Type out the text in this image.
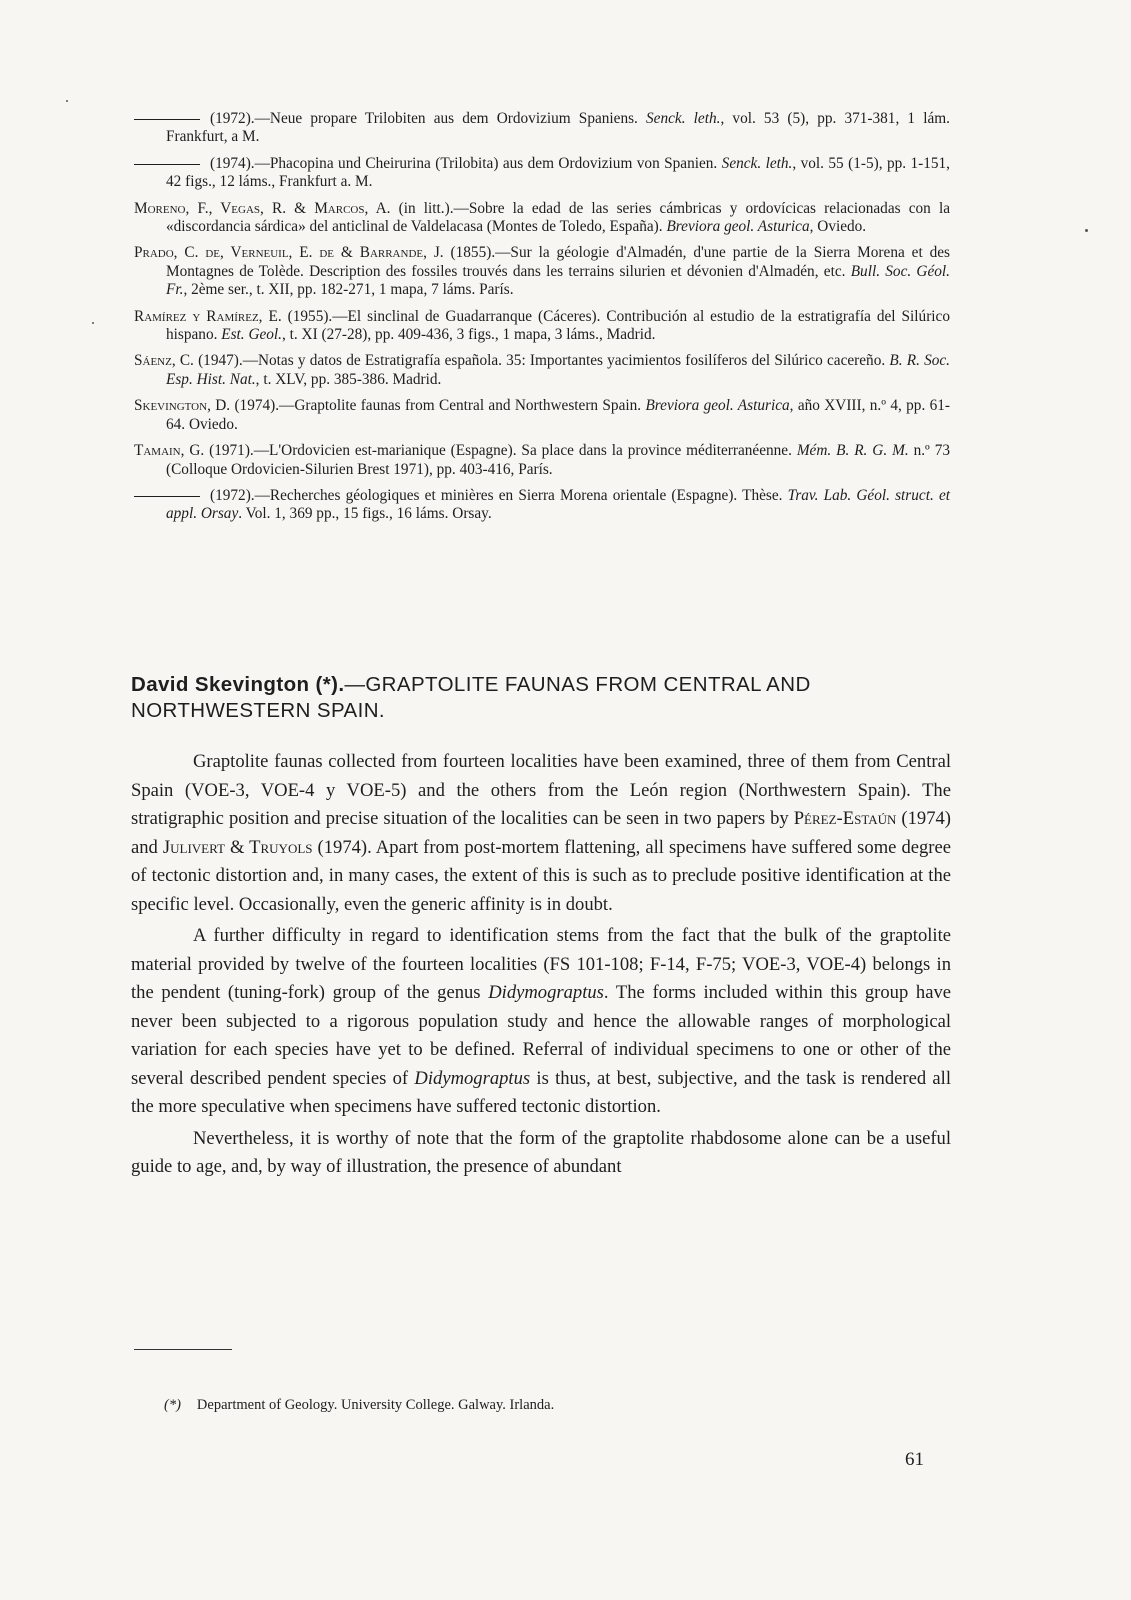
(1972).—Neue propare Trilobiten aus dem Ordovizium Spaniens. Senck. leth., vol. 53 (5), pp. 371-381, 1 lám. Frankfurt, a M.
(1974).—Phacopina und Cheirurina (Trilobita) aus dem Ordovizium von Spanien. Senck. leth., vol. 55 (1-5), pp. 1-151, 42 figs., 12 láms., Frankfurt a. M.
Moreno, F., Vegas, R. & Marcos, A. (in litt.).—Sobre la edad de las series cámbricas y ordovícicas relacionadas con la «discordancia sárdica» del anticlinal de Valdelacasa (Montes de Toledo, España). Breviora geol. Asturica, Oviedo.
Prado, C. de, Verneuil, E. de & Barrande, J. (1855).—Sur la géologie d'Almadén, d'une partie de la Sierra Morena et des Montagnes de Tolède. Description des fossiles trouvés dans les terrains silurien et dévonien d'Almadén, etc. Bull. Soc. Géol. Fr., 2ème ser., t. XII, pp. 182-271, 1 mapa, 7 láms. París.
Ramírez y Ramírez, E. (1955).—El sinclinal de Guadarranque (Cáceres). Contribución al estudio de la estratigrafía del Silúrico hispano. Est. Geol., t. XI (27-28), pp. 409-436, 3 figs., 1 mapa, 3 láms., Madrid.
Sáenz, C. (1947).—Notas y datos de Estratigrafía española. 35: Importantes yacimientos fosilíferos del Silúrico cacereño. B. R. Soc. Esp. Hist. Nat., t. XLV, pp. 385-386. Madrid.
Skevington, D. (1974).—Graptolite faunas from Central and Northwestern Spain. Breviora geol. Asturica, año XVIII, n.º 4, pp. 61-64. Oviedo.
Tamain, G. (1971).—L'Ordovicien est-marianique (Espagne). Sa place dans la province méditerranéenne. Mém. B. R. G. M. n.º 73 (Colloque Ordovicien-Silurien Brest 1971), pp. 403-416, París.
(1972).—Recherches géologiques et minières en Sierra Morena orientale (Espagne). Thèse. Trav. Lab. Géol. struct. et appl. Orsay. Vol. 1, 369 pp., 15 figs., 16 láms. Orsay.
David Skevington (*).—GRAPTOLITE FAUNAS FROM CENTRAL AND NORTHWESTERN SPAIN.

Graptolite faunas collected from fourteen localities have been examined, three of them from Central Spain (VOE-3, VOE-4 y VOE-5) and the others from the León region (Northwestern Spain). The stratigraphic position and precise situation of the localities can be seen in two papers by Pérez-Estaún (1974) and Julivert & Truyols (1974). Apart from post-mortem flattening, all specimens have suffered some degree of tectonic distortion and, in many cases, the extent of this is such as to preclude positive identification at the specific level. Occasionally, even the generic affinity is in doubt.

A further difficulty in regard to identification stems from the fact that the bulk of the graptolite material provided by twelve of the fourteen localities (FS 101-108; F-14, F-75; VOE-3, VOE-4) belongs in the pendent (tuning-fork) group of the genus Didymograptus. The forms included within this group have never been subjected to a rigorous population study and hence the allowable ranges of morphological variation for each species have yet to be defined. Referral of individual specimens to one or other of the several described pendent species of Didymograptus is thus, at best, subjective, and the task is rendered all the more speculative when specimens have suffered tectonic distortion.

Nevertheless, it is worthy of note that the form of the graptolite rhabdosome alone can be a useful guide to age, and, by way of illustration, the presence of abundant

(*) Department of Geology. University College. Galway. Irlanda.
61
